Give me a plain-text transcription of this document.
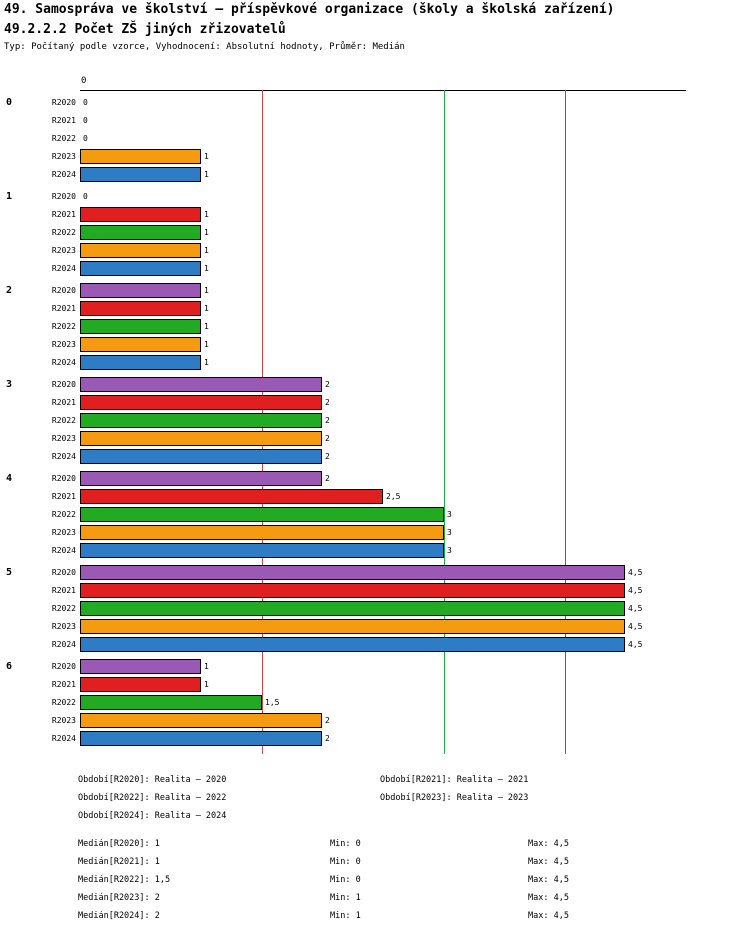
49. Samospráva ve školství – příspěvkové organizace (školy a školská zařízení)
49.2.2.2 Počet ZŠ jiných zřizovatelů
Typ: Počítaný podle vzorce, Vyhodnocení: Absolutní hodnoty, Průměr: Medián
0
0	R2020 0
R2021 0
R2022 0
R2023	1
R2024	1
1	R2020 0
R2021	1
R2022	1
R2023	1
R2024	1
2	R2020	1
R2021	1
R2022	1
R2023	1
R2024	1
3	R2020	2
R2021	2
R2022	2
R2023	2
R2024	2
4	R2020	2
R2021	2,5
R2022	3
R2023	3
R2024	3
5	R2020	4,5
R2021	4,5
R2022	4,5
R2023	4,5
R2024	4,5
6	R2020	1
R2021	1
R2022	1,5
R2023	2
R2024	2
Období[R2020]: Realita – 2020	Období[R2021]: Realita – 2021
Období[R2022]: Realita – 2022	Období[R2023]: Realita – 2023
Období[R2024]: Realita – 2024
Medián[R2020]: 1	Min: 0	Max: 4,5
Medián[R2021]: 1	Min: 0	Max: 4,5
Medián[R2022]: 1,5	Min: 0	Max: 4,5
Medián[R2023]: 2	Min: 1	Max: 4,5
Medián[R2024]: 2	Min: 1	Max: 4,5
